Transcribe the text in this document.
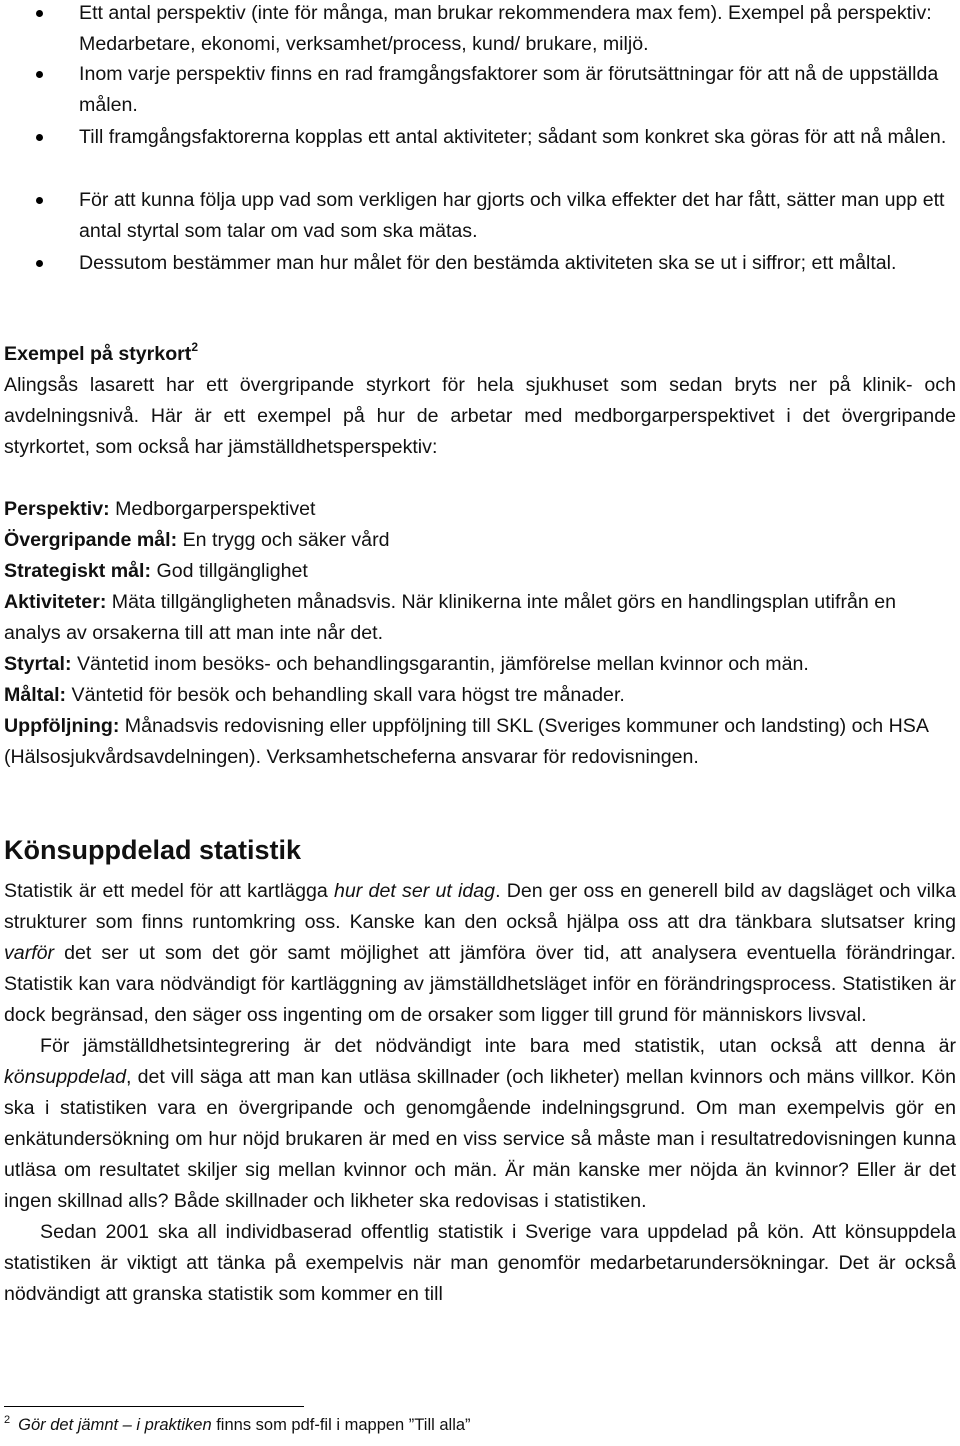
Ett antal perspektiv (inte för många, man brukar rekommendera max fem). Exempel på perspektiv: Medarbetare, ekonomi, verksamhet/process, kund/ brukare, miljö.
Inom varje perspektiv finns en rad framgångsfaktorer som är förutsättningar för att nå de uppställda målen.
Till framgångsfaktorerna kopplas ett antal aktiviteter; sådant som konkret ska göras för att nå målen.
För att kunna följa upp vad som verkligen har gjorts och vilka effekter det har fått, sätter man upp ett antal styrtal som talar om vad som ska mätas.
Dessutom bestämmer man hur målet för den bestämda aktiviteten ska se ut i siffror; ett måltal.
Exempel på styrkort$^2$
Alingsås lasarett har ett övergripande styrkort för hela sjukhuset som sedan bryts ner på klinik- och avdelningsnivå. Här är ett exempel på hur de arbetar med medborgarperspektivet i det övergripande styrkortet, som också har jämställdhetsperspektiv:
Perspektiv: Medborgarperspektivet
Övergripande mål: En trygg och säker vård
Strategiskt mål: God tillgänglighet
Aktiviteter: Mäta tillgängligheten månadsvis. När klinikerna inte målet görs en handlingsplan utifrån en analys av orsakerna till att man inte når det.
Styrtal: Väntetid inom besöks- och behandlingsgarantin, jämförelse mellan kvinnor och män.
Måltal: Väntetid för besök och behandling skall vara högst tre månader.
Uppföljning: Månadsvis redovisning eller uppföljning till SKL (Sveriges kommuner och landsting) och HSA (Hälsosjukvårdsavdelningen). Verksamhetscheferna ansvarar för redovisningen.
Könsuppdelad statistik
Statistik är ett medel för att kartlägga hur det ser ut idag. Den ger oss en generell bild av dagsläget och vilka strukturer som finns runtomkring oss. Kanske kan den också hjälpa oss att dra tänkbara slutsatser kring varför det ser ut som det gör samt möjlighet att jämföra över tid, att analysera eventuella förändringar. Statistik kan vara nödvändigt för kartläggning av jämställdhetsläget inför en förändringsprocess. Statistiken är dock begränsad, den säger oss ingenting om de orsaker som ligger till grund för människors livsval.
För jämställdhetsintegrering är det nödvändigt inte bara med statistik, utan också att denna är könsuppdelad, det vill säga att man kan utläsa skillnader (och likheter) mellan kvinnors och mäns villkor. Kön ska i statistiken vara en övergripande och genomgående indelningsgrund. Om man exempelvis gör en enkätundersökning om hur nöjd brukaren är med en viss service så måste man i resultatredovisningen kunna utläsa om resultatet skiljer sig mellan kvinnor och män. Är män kanske mer nöjda än kvinnor? Eller är det ingen skillnad alls? Både skillnader och likheter ska redovisas i statistiken.
Sedan 2001 ska all individbaserad offentlig statistik i Sverige vara uppdelad på kön. Att könsuppdela statistiken är viktigt att tänka på exempelvis när man genomför medarbetarundersökningar. Det är också nödvändigt att granska statistik som kommer en till
$^2$ Gör det jämnt – i praktiken finns som pdf-fil i mappen ”Till alla”
